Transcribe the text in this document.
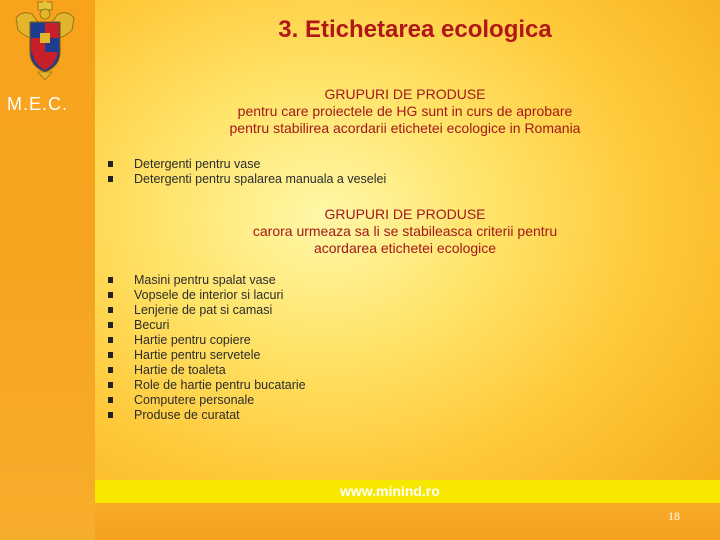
M.E.C.
3. Etichetarea ecologica
GRUPURI DE PRODUSE
pentru care proiectele de HG sunt in curs de aprobare
pentru stabilirea acordarii etichetei ecologice in Romania
Detergenti pentru vase
Detergenti pentru spalarea manuala a veselei
GRUPURI DE PRODUSE
carora urmeaza sa li se stabileasca criterii pentru
acordarea etichetei ecologice
Masini pentru spalat vase
Vopsele de interior si lacuri
Lenjerie de pat si camasi
Becuri
Hartie pentru copiere
Hartie pentru servetele
Hartie de toaleta
Role de hartie pentru bucatarie
Computere personale
Produse de curatat
www.minind.ro
18
